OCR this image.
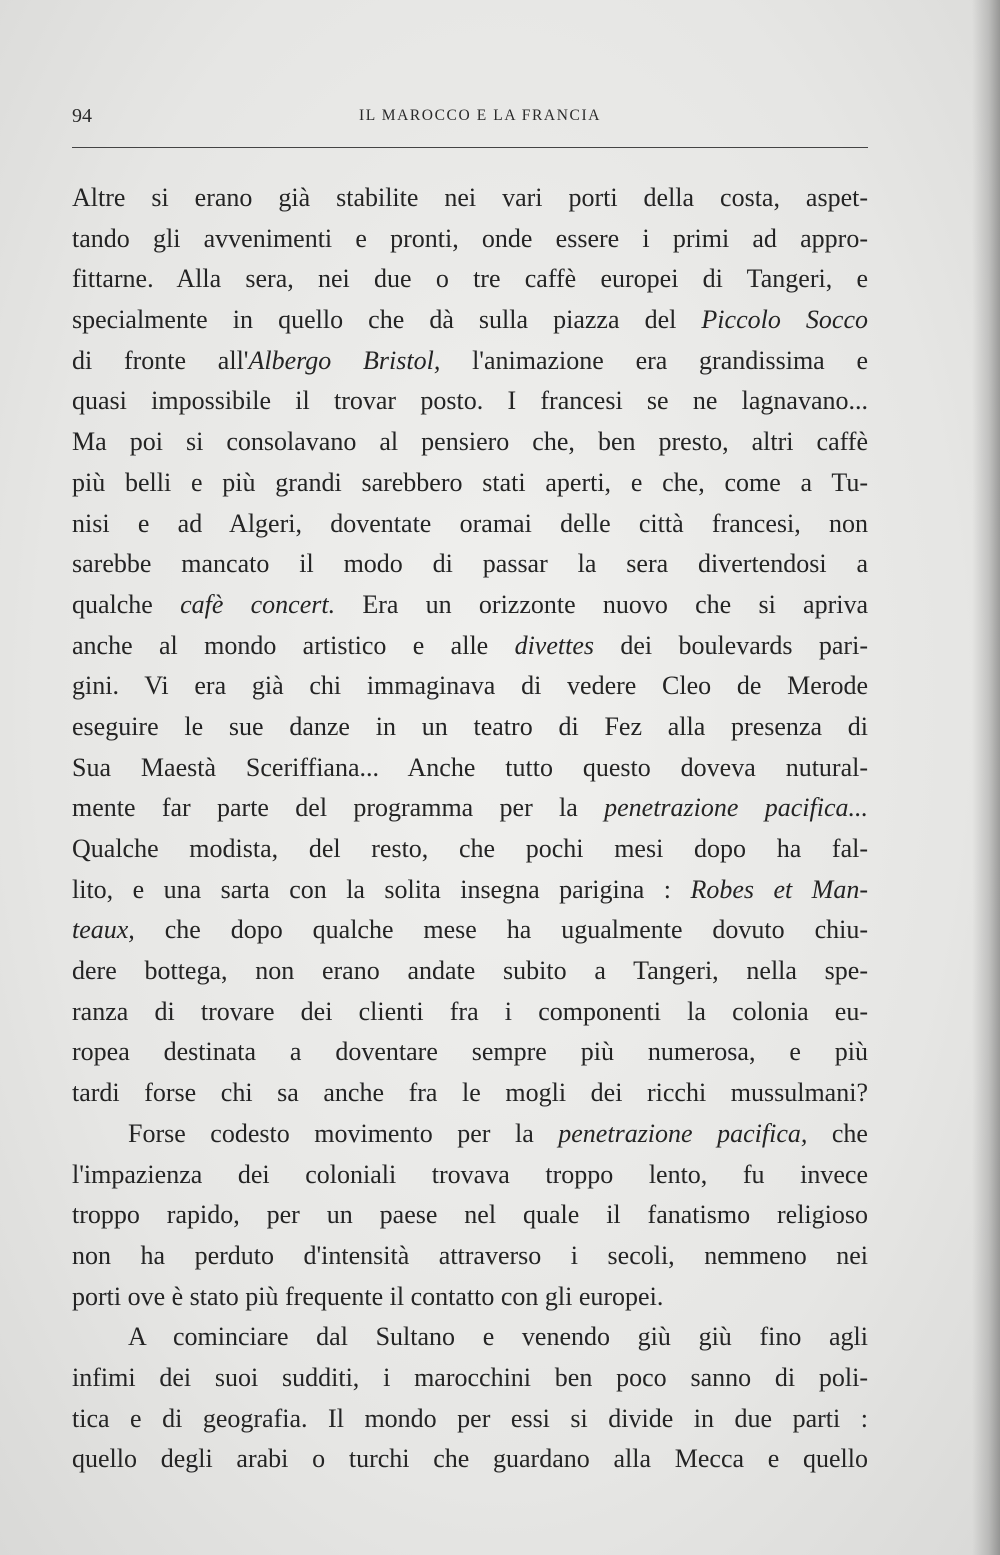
94	IL MAROCCO E LA FRANCIA
Altre si erano già stabilite nei vari porti della costa, aspet-
tando gli avvenimenti e pronti, onde essere i primi ad appro-
fittarne. Alla sera, nei due o tre caffè europei di Tangeri, e
specialmente in quello che dà sulla piazza del Piccolo Socco
di fronte all'Albergo Bristol, l'animazione era grandissima e
quasi impossibile il trovar posto. I francesi se ne lagnavano...
Ma poi si consolavano al pensiero che, ben presto, altri caffè
più belli e più grandi sarebbero stati aperti, e che, come a Tu-
nisi e ad Algeri, doventate oramai delle città francesi, non
sarebbe mancato il modo di passar la sera divertendosi a
qualche cafè concert. Era un orizzonte nuovo che si apriva
anche al mondo artistico e alle divettes dei boulevards pari-
gini. Vi era già chi immaginava di vedere Cleo de Merode
eseguire le sue danze in un teatro di Fez alla presenza di
Sua Maestà Sceriffiana... Anche tutto questo doveva nutural-
mente far parte del programma per la penetrazione pacifica...
Qualche modista, del resto, che pochi mesi dopo ha fal-
lito, e una sarta con la solita insegna parigina : Robes et Man-
teaux, che dopo qualche mese ha ugualmente dovuto chiu-
dere bottega, non erano andate subito a Tangeri, nella spe-
ranza di trovare dei clienti fra i componenti la colonia eu-
ropea destinata a doventare sempre più numerosa, e più
tardi forse chi sa anche fra le mogli dei ricchi mussulmani?
Forse codesto movimento per la penetrazione pacifica, che
l'impazienza dei coloniali trovava troppo lento, fu invece
troppo rapido, per un paese nel quale il fanatismo religioso
non ha perduto d'intensità attraverso i secoli, nemmeno nei
porti ove è stato più frequente il contatto con gli europei.
A cominciare dal Sultano e venendo giù giù fino agli
infimi dei suoi sudditi, i marocchini ben poco sanno di poli-
tica e di geografia. Il mondo per essi si divide in due parti :
quello degli arabi o turchi che guardano alla Mecca e quello
